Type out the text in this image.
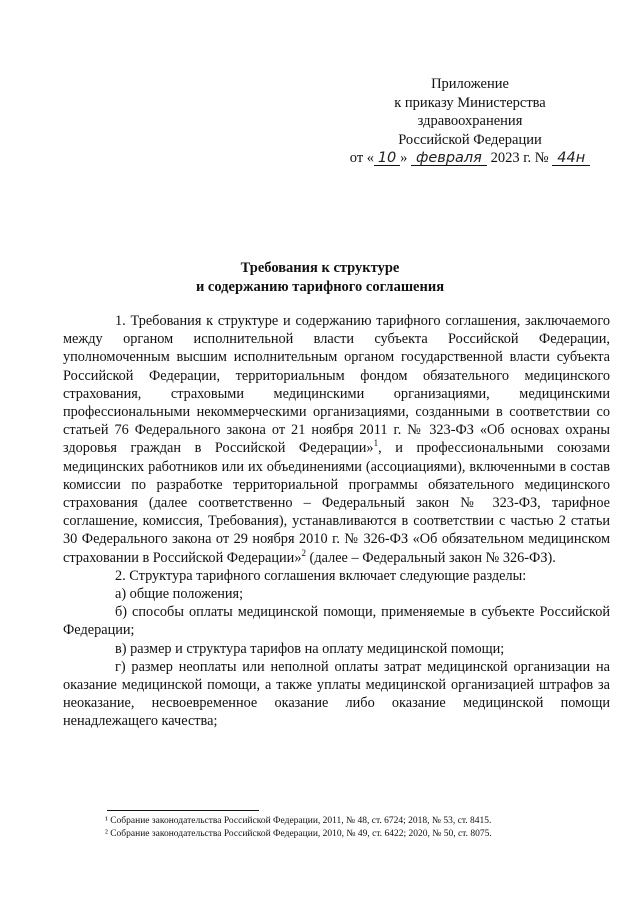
Приложение
к приказу Министерства
здравоохранения
Российской Федерации
от « 10 » февраля 2023 г. № 44н
Требования к структуре
и содержанию тарифного соглашения

1. Требования к структуре и содержанию тарифного соглашения, заключаемого между органом исполнительной власти субъекта Российской Федерации, уполномоченным высшим исполнительным органом государственной власти субъекта Российской Федерации, территориальным фондом обязательного медицинского страхования, страховыми медицинскими организациями, медицинскими профессиональными некоммерческими организациями, созданными в соответствии со статьей 76 Федерального закона от 21 ноября 2011 г. № 323-ФЗ «Об основах охраны здоровья граждан в Российской Федерации»$^1$, и профессиональными союзами медицинских работников или их объединениями (ассоциациями), включенными в состав комиссии по разработке территориальной программы обязательного медицинского страхования (далее соответственно – Федеральный закон № 323-ФЗ, тарифное соглашение, комиссия, Требования), устанавливаются в соответствии с частью 2 статьи 30 Федерального закона от 29 ноября 2010 г. № 326-ФЗ «Об обязательном медицинском страховании в Российской Федерации»$^2$ (далее – Федеральный закон № 326-ФЗ).

2. Структура тарифного соглашения включает следующие разделы:

а) общие положения;

б) способы оплаты медицинской помощи, применяемые в субъекте Российской Федерации;

в) размер и структура тарифов на оплату медицинской помощи;

г) размер неоплаты или неполной оплаты затрат медицинской организации на оказание медицинской помощи, а также уплаты медицинской организацией штрафов за неоказание, несвоевременное оказание либо оказание медицинской помощи ненадлежащего качества;

¹ Собрание законодательства Российской Федерации, 2011, № 48, ст. 6724; 2018, № 53, ст. 8415.
² Собрание законодательства Российской Федерации, 2010, № 49, ст. 6422; 2020, № 50, ст. 8075.
